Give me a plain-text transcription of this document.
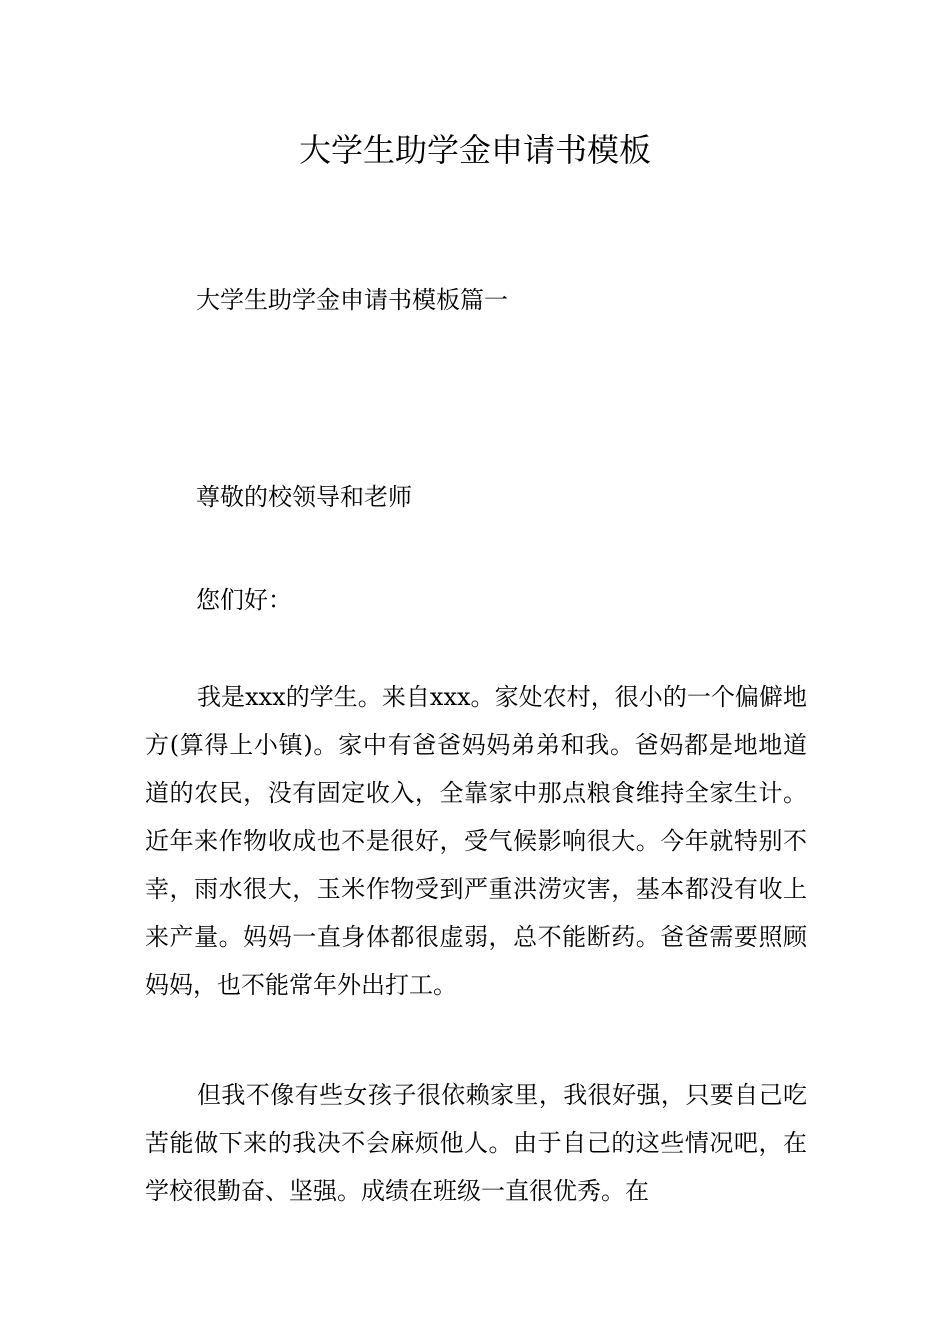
大学生助学金申请书模板

大学生助学金申请书模板篇一

尊敬的校领导和老师

您们好：

我是xxx的学生。来自xxx。家处农村，很小的一个偏僻地方(算得上小镇)。家中有爸爸妈妈弟弟和我。爸妈都是地地道道的农民，没有固定收入，全靠家中那点粮食维持全家生计。近年来作物收成也不是很好，受气候影响很大。今年就特别不幸，雨水很大，玉米作物受到严重洪涝灾害，基本都没有收上来产量。妈妈一直身体都很虚弱，总不能断药。爸爸需要照顾妈妈，也不能常年外出打工。

但我不像有些女孩子很依赖家里，我很好强，只要自己吃苦能做下来的我决不会麻烦他人。由于自己的这些情况吧，在学校很勤奋、坚强。成绩在班级一直很优秀。在
